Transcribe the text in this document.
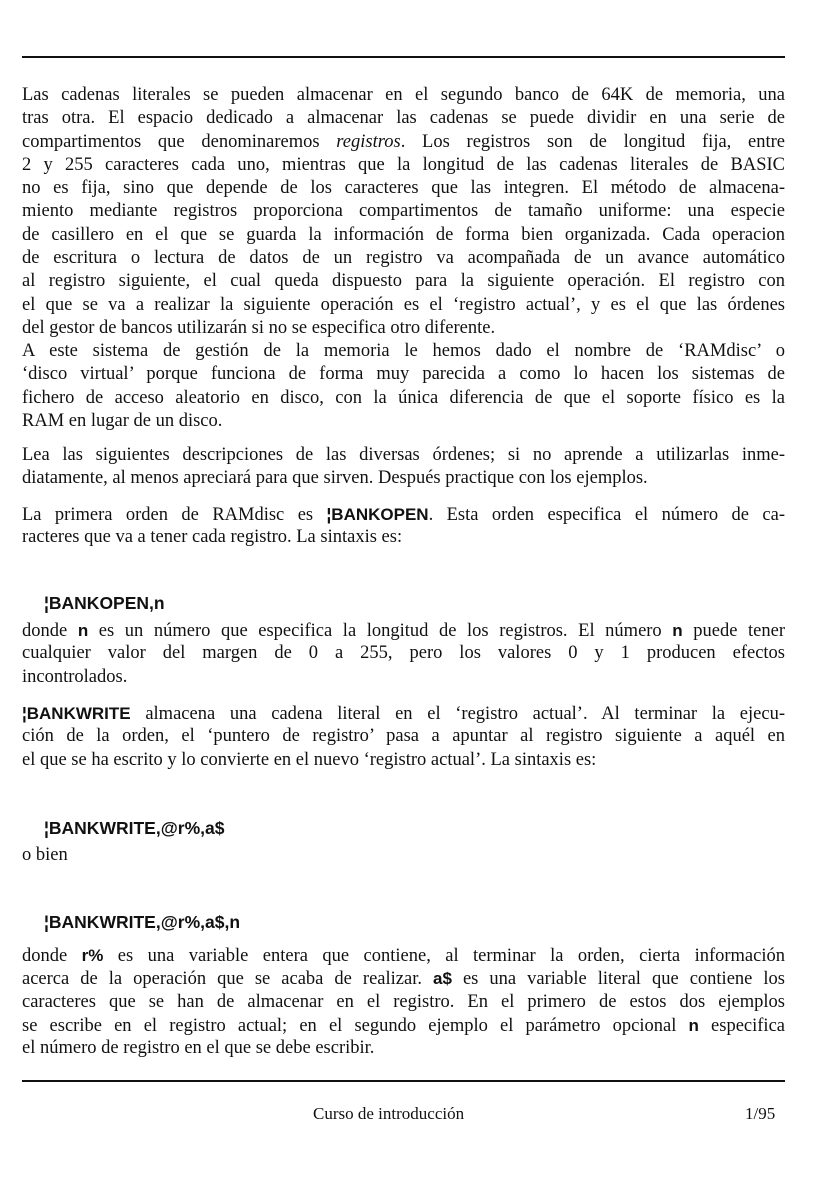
Las cadenas literales se pueden almacenar en el segundo banco de 64K de memoria, una
tras otra. El espacio dedicado a almacenar las cadenas se puede dividir en una serie de
compartimentos que denominaremos registros. Los registros son de longitud fija, entre
2 y 255 caracteres cada uno, mientras que la longitud de las cadenas literales de BASIC
no es fija, sino que depende de los caracteres que las integren. El método de almacena-
miento mediante registros proporciona compartimentos de tamaño uniforme: una especie
de casillero en el que se guarda la información de forma bien organizada. Cada operacion
de escritura o lectura de datos de un registro va acompañada de un avance automático
al registro siguiente, el cual queda dispuesto para la siguiente operación. El registro con
el que se va a realizar la siguiente operación es el ‘registro actual’, y es el que las órdenes
del gestor de bancos utilizarán si no se especifica otro diferente.
A este sistema de gestión de la memoria le hemos dado el nombre de ‘RAMdisc’ o
‘disco virtual’ porque funciona de forma muy parecida a como lo hacen los sistemas de
fichero de acceso aleatorio en disco, con la única diferencia de que el soporte físico es la
RAM en lugar de un disco.
Lea las siguientes descripciones de las diversas órdenes; si no aprende a utilizarlas inme-
diatamente, al menos apreciará para que sirven. Después practique con los ejemplos.
La primera orden de RAMdisc es ¦BANKOPEN. Esta orden especifica el número de ca-
racteres que va a tener cada registro. La sintaxis es:
¦BANKOPEN,n
donde n es un número que especifica la longitud de los registros. El número n puede tener
cualquier valor del margen de 0 a 255, pero los valores 0 y 1 producen efectos
incontrolados.
¦BANKWRITE almacena una cadena literal en el ‘registro actual’. Al terminar la ejecu-
ción de la orden, el ‘puntero de registro’ pasa a apuntar al registro siguiente a aquél en
el que se ha escrito y lo convierte en el nuevo ‘registro actual’. La sintaxis es:
¦BANKWRITE,@r%,a$
o bien
¦BANKWRITE,@r%,a$,n
donde r% es una variable entera que contiene, al terminar la orden, cierta información
acerca de la operación que se acaba de realizar. a$ es una variable literal que contiene los
caracteres que se han de almacenar en el registro. En el primero de estos dos ejemplos
se escribe en el registro actual; en el segundo ejemplo el parámetro opcional n especifica
el número de registro en el que se debe escribir.
Curso de introducción	1/95
